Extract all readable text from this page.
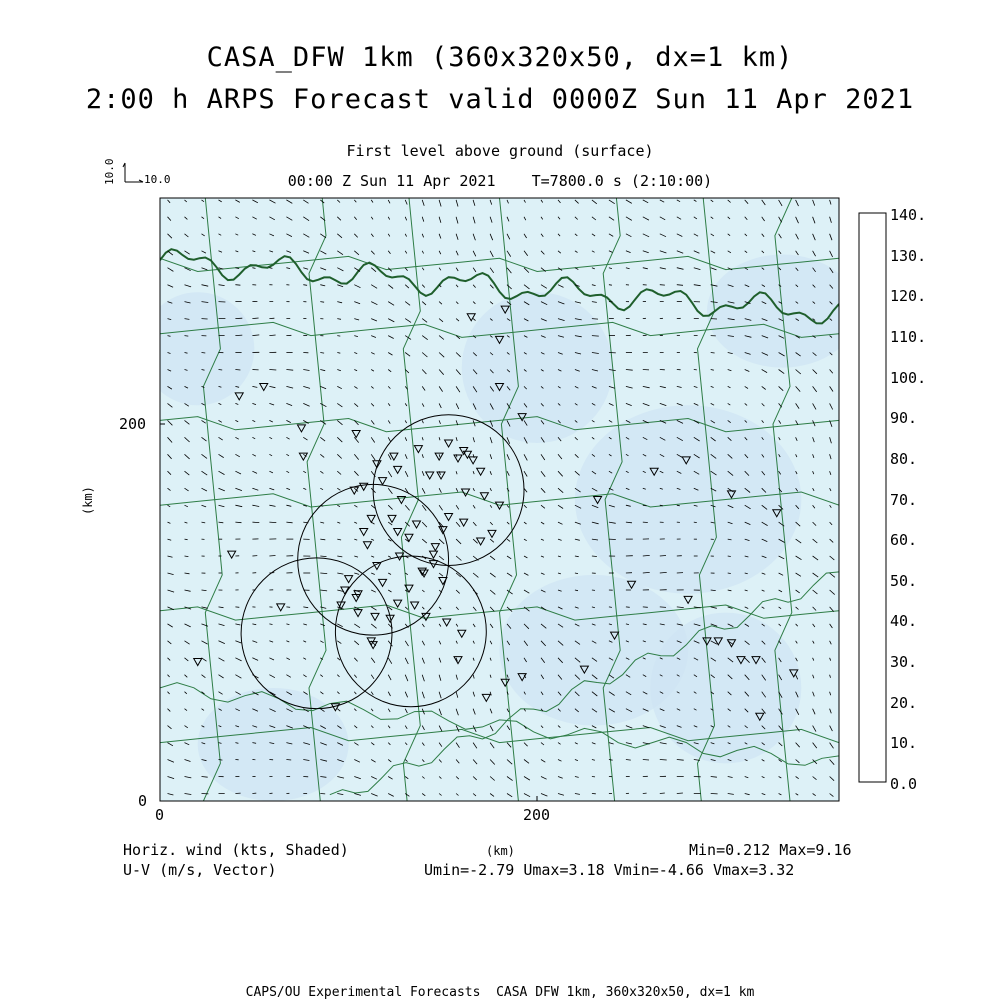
CASA_DFW 1km (360x320x50, dx=1 km)
2:00 h ARPS Forecast valid 0000Z Sun 11 Apr 2021
First level above ground (surface)
00:00 Z Sun 11 Apr 2021    T=7800.0 s (2:10:00)
10.0	10.0
200
0
0	200
(km)
140.
130.
120.
110.
100.
90.
80.
70.
60.
50.
40.
30.
20.
10.
0.0
Horiz. wind (kts, Shaded)
U-V (m/s, Vector)
(km)	Min=0.212 Max=9.16
Umin=-2.79 Umax=3.18 Vmin=-4.66 Vmax=3.32
CAPS/OU Experimental Forecasts  CASA DFW 1km, 360x320x50, dx=1 km
